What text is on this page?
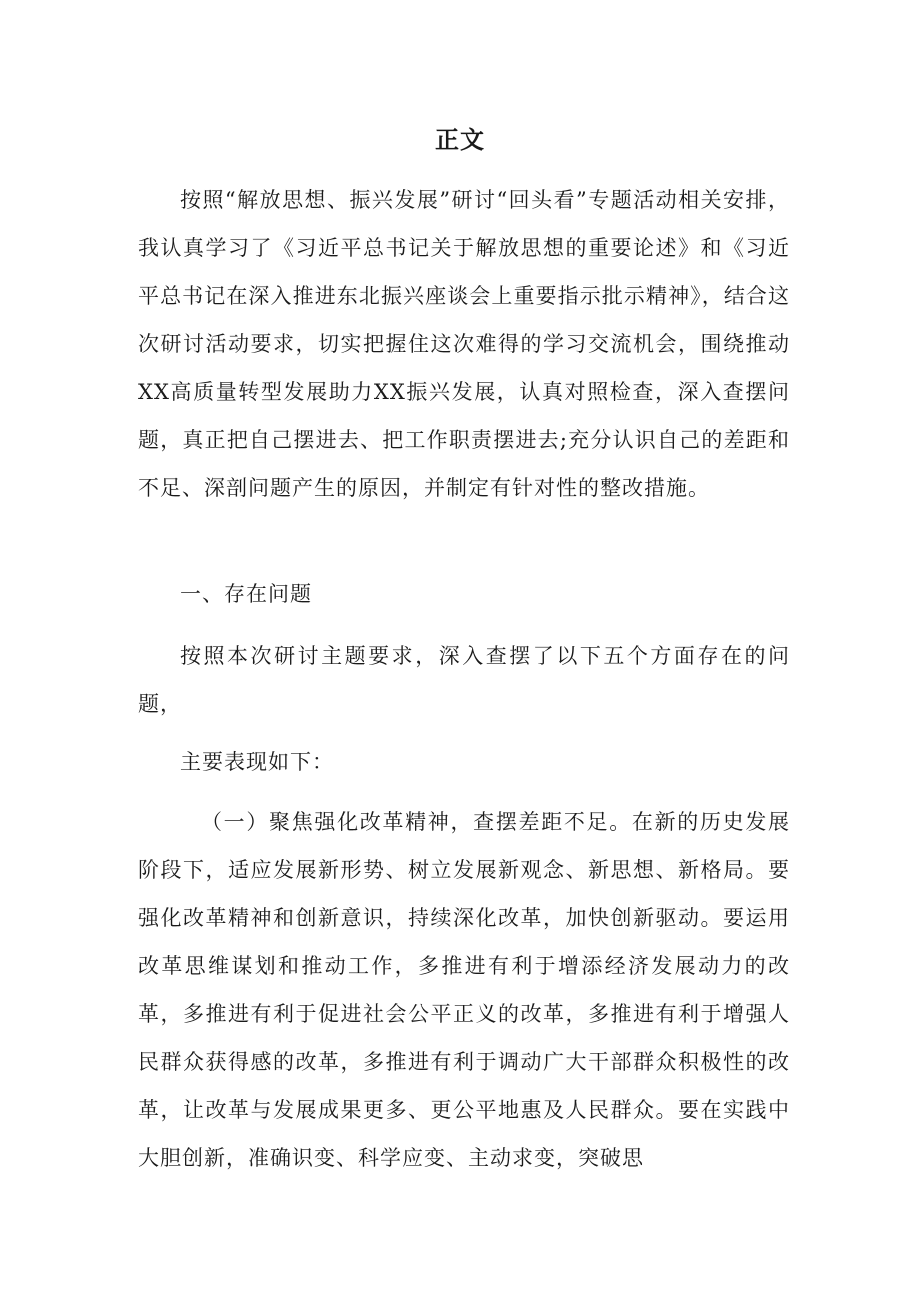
正文

按照“解放思想、振兴发展”研讨“回头看”专题活动相关安排，我认真学习了《习近平总书记关于解放思想的重要论述》和《习近平总书记在深入推进东北振兴座谈会上重要指示批示精神》，结合这次研讨活动要求，切实把握住这次难得的学习交流机会，围绕推动XX高质量转型发展助力XX振兴发展，认真对照检查，深入查摆问题，真正把自己摆进去、把工作职责摆进去;充分认识自己的差距和不足、深剖问题产生的原因，并制定有针对性的整改措施。

一、存在问题

按照本次研讨主题要求，深入查摆了以下五个方面存在的问题，

主要表现如下：

（一）聚焦强化改革精神，查摆差距不足。在新的历史发展阶段下，适应发展新形势、树立发展新观念、新思想、新格局。要强化改革精神和创新意识，持续深化改革，加快创新驱动。要运用改革思维谋划和推动工作，多推进有利于增添经济发展动力的改革，多推进有利于促进社会公平正义的改革，多推进有利于增强人民群众获得感的改革，多推进有利于调动广大干部群众积极性的改革，让改革与发展成果更多、更公平地惠及人民群众。要在实践中大胆创新，准确识变、科学应变、主动求变，突破思
